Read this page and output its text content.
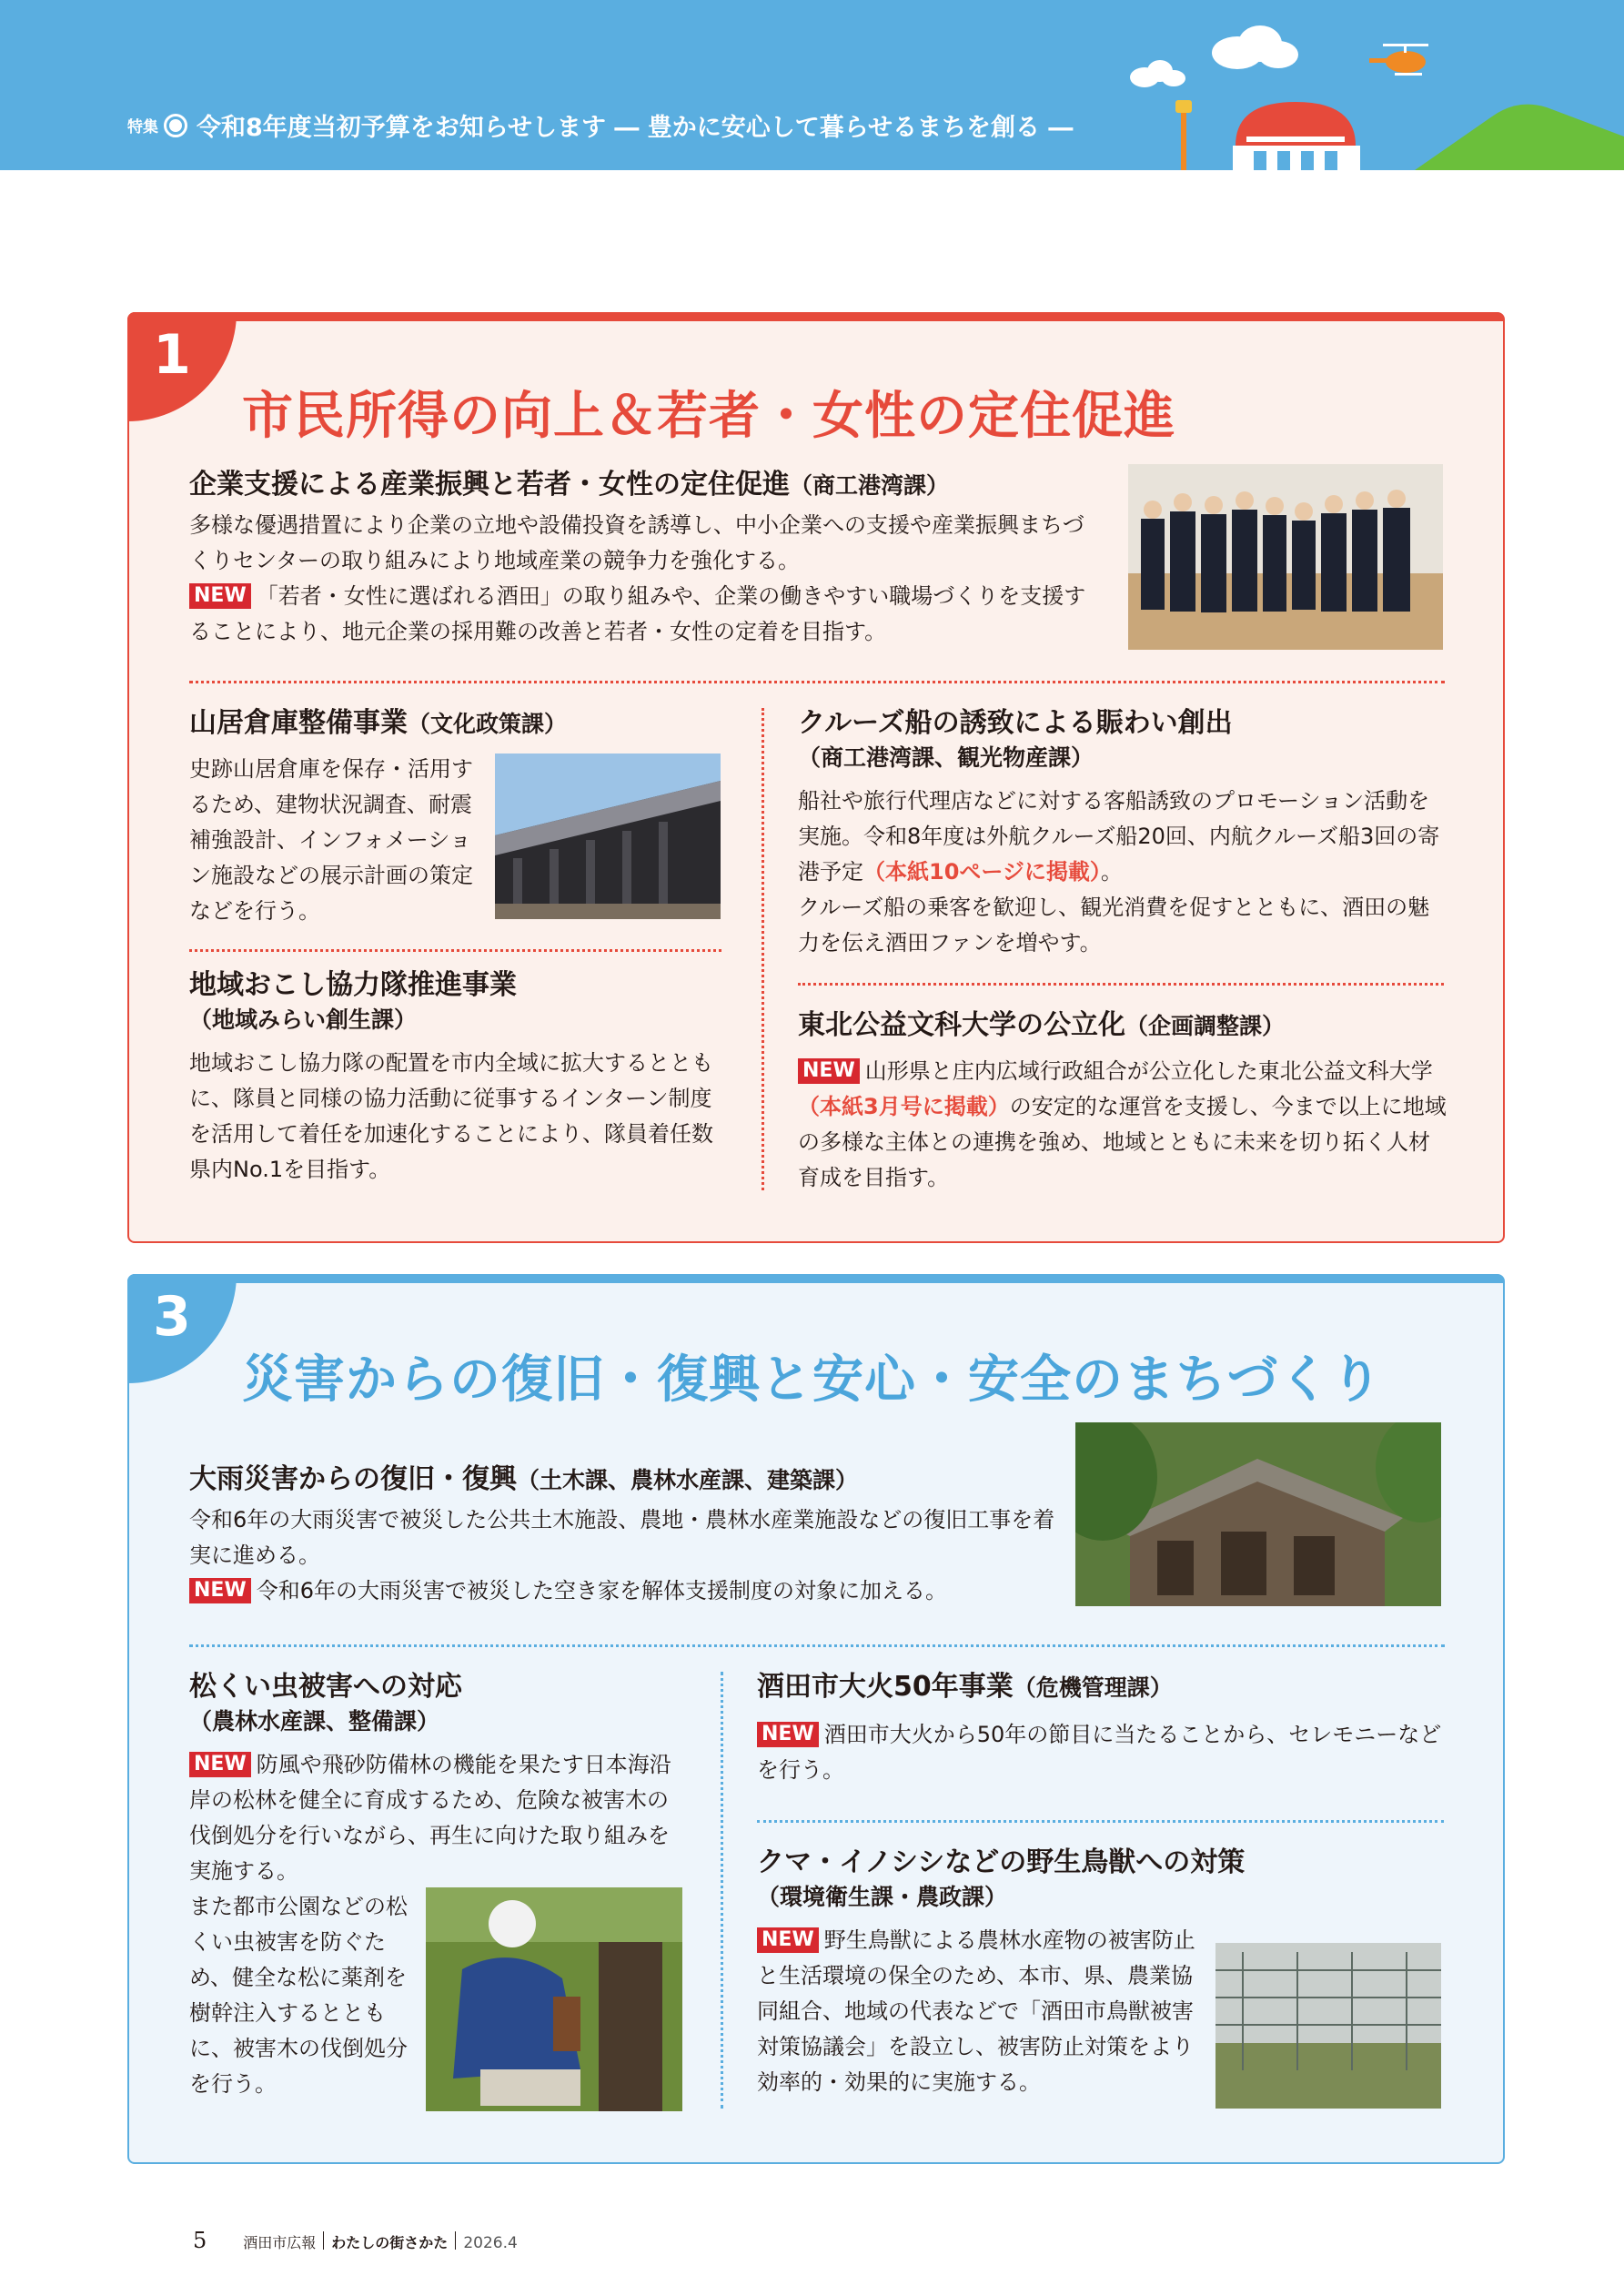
特集 令和8年度当初予算をお知らせします ― 豊かに安心して暮らせるまちを創る ―
1
市民所得の向上＆若者・女性の定住促進
企業支援による産業振興と若者・女性の定住促進（商工港湾課）
多様な優遇措置により企業の立地や設備投資を誘導し、中小企業への支援や産業振興まちづくりセンターの取り組みにより地域産業の競争力を強化する。
NEW 「若者・女性に選ばれる酒田」の取り組みや、企業の働きやすい職場づくりを支援することにより、地元企業の採用難の改善と若者・女性の定着を目指す。
山居倉庫整備事業（文化政策課）
史跡山居倉庫を保存・活用するため、建物状況調査、耐震補強設計、インフォメーション施設などの展示計画の策定などを行う。
地域おこし協力隊推進事業
（地域みらい創生課）
地域おこし協力隊の配置を市内全域に拡大するとともに、隊員と同様の協力活動に従事するインターン制度を活用して着任を加速化することにより、隊員着任数県内No.1を目指す。
クルーズ船の誘致による賑わい創出
（商工港湾課、観光物産課）
船社や旅行代理店などに対する客船誘致のプロモーション活動を実施。令和8年度は外航クルーズ船20回、内航クルーズ船3回の寄港予定（本紙10ページに掲載）。
クルーズ船の乗客を歓迎し、観光消費を促すとともに、酒田の魅力を伝え酒田ファンを増やす。
東北公益文科大学の公立化（企画調整課）
NEW 山形県と庄内広域行政組合が公立化した東北公益文科大学（本紙3月号に掲載）の安定的な運営を支援し、今まで以上に地域の多様な主体との連携を強め、地域とともに未来を切り拓く人材育成を目指す。
3
災害からの復旧・復興と安心・安全のまちづくり
大雨災害からの復旧・復興（土木課、農林水産課、建築課）
令和6年の大雨災害で被災した公共土木施設、農地・農林水産業施設などの復旧工事を着実に進める。
NEW 令和6年の大雨災害で被災した空き家を解体支援制度の対象に加える。
松くい虫被害への対応
（農林水産課、整備課）
NEW 防風や飛砂防備林の機能を果たす日本海沿岸の松林を健全に育成するため、危険な被害木の伐倒処分を行いながら、再生に向けた取り組みを実施する。
また都市公園などの松くい虫被害を防ぐため、健全な松に薬剤を樹幹注入するとともに、被害木の伐倒処分を行う。
酒田市大火50年事業（危機管理課）
NEW 酒田市大火から50年の節目に当たることから、セレモニーなどを行う。
クマ・イノシシなどの野生鳥獣への対策
（環境衛生課・農政課）
NEW 野生鳥獣による農林水産物の被害防止と生活環境の保全のため、本市、県、農業協同組合、地域の代表などで「酒田市鳥獣被害対策協議会」を設立し、被害防止対策をより効率的・効果的に実施する。
5	酒田市広報 わたしの街さかた 2026.4
